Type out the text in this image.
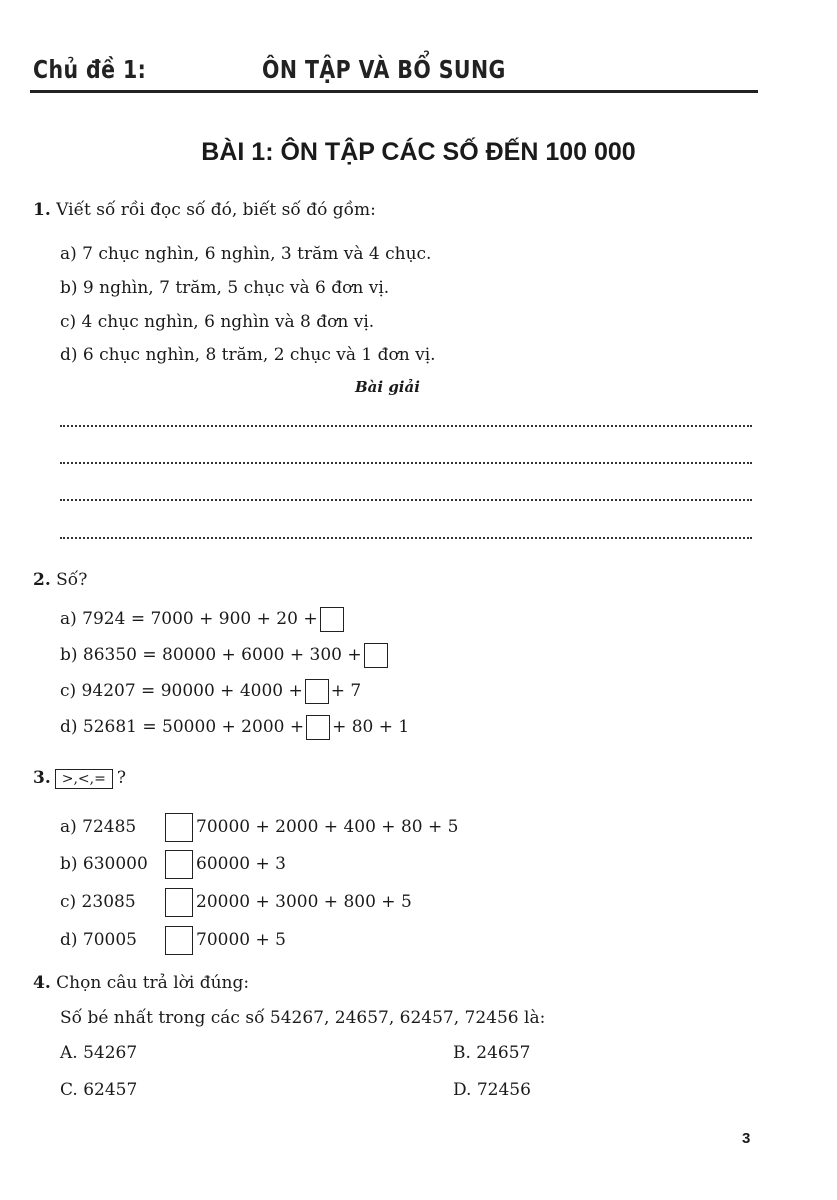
Chủ đề 1:	ÔN TẬP VÀ BỔ SUNG
BÀI 1: ÔN TẬP CÁC SỐ ĐẾN 100 000
1. Viết số rồi đọc số đó, biết số đó gồm:
a) 7 chục nghìn, 6 nghìn, 3 trăm và 4 chục.
b) 9 nghìn, 7 trăm, 5 chục và 6 đơn vị.
c) 4 chục nghìn, 6 nghìn và 8 đơn vị.
d) 6 chục nghìn, 8 trăm, 2 chục và 1 đơn vị.
Bài giải
2. Số?
a) 7924 = 7000 + 900 + 20 +
b) 86350 = 80000 + 6000 + 300 +
c) 94207 = 90000 + 4000 + + 7
d) 52681 = 50000 + 2000 + + 80 + 1
3. >,<,= ?
a) 72485	70000 + 2000 + 400 + 80 + 5
b) 630000	60000 + 3
c) 23085	20000 + 3000 + 800 + 5
d) 70005	70000 + 5
4. Chọn câu trả lời đúng:
Số bé nhất trong các số 54267, 24657, 62457, 72456 là:
A. 54267	B. 24657
C. 62457	D. 72456
3
